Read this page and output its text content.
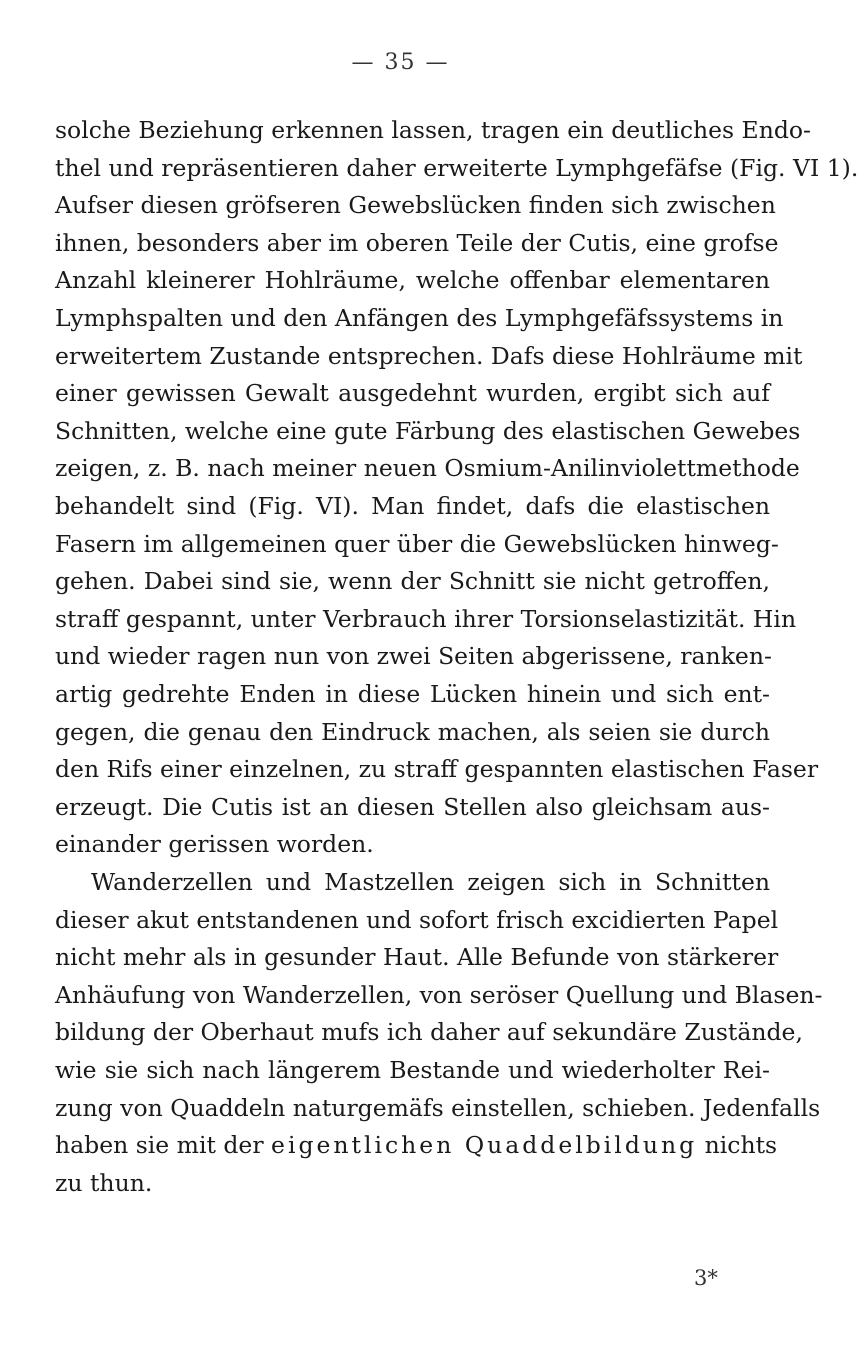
— 35 —
solche Beziehung erkennen lassen, tragen ein deutliches Endo-
thel und repräsentieren daher erweiterte Lymphgefäfse (Fig. VI 1).
Aufser diesen gröfseren Gewebslücken finden sich zwischen
ihnen, besonders aber im oberen Teile der Cutis, eine grofse
Anzahl kleinerer Hohlräume, welche offenbar elementaren
Lymphspalten und den Anfängen des Lymphgefäfssystems in
erweitertem Zustande entsprechen. Dafs diese Hohlräume mit
einer gewissen Gewalt ausgedehnt wurden, ergibt sich auf
Schnitten, welche eine gute Färbung des elastischen Gewebes
zeigen, z. B. nach meiner neuen Osmium-Anilinviolettmethode
behandelt sind (Fig. VI). Man findet, dafs die elastischen
Fasern im allgemeinen quer über die Gewebslücken hinweg-
gehen. Dabei sind sie, wenn der Schnitt sie nicht getroffen,
straff gespannt, unter Verbrauch ihrer Torsionselastizität. Hin
und wieder ragen nun von zwei Seiten abgerissene, ranken-
artig gedrehte Enden in diese Lücken hinein und sich ent-
gegen, die genau den Eindruck machen, als seien sie durch
den Rifs einer einzelnen, zu straff gespannten elastischen Faser
erzeugt. Die Cutis ist an diesen Stellen also gleichsam aus-
einander gerissen worden.
Wanderzellen und Mastzellen zeigen sich in Schnitten
dieser akut entstandenen und sofort frisch excidierten Papel
nicht mehr als in gesunder Haut. Alle Befunde von stärkerer
Anhäufung von Wanderzellen, von seröser Quellung und Blasen-
bildung der Oberhaut mufs ich daher auf sekundäre Zustände,
wie sie sich nach längerem Bestande und wiederholter Rei-
zung von Quaddeln naturgemäfs einstellen, schieben. Jedenfalls
haben sie mit der eigentlichen Quaddelbildung nichts
zu thun.
3*
